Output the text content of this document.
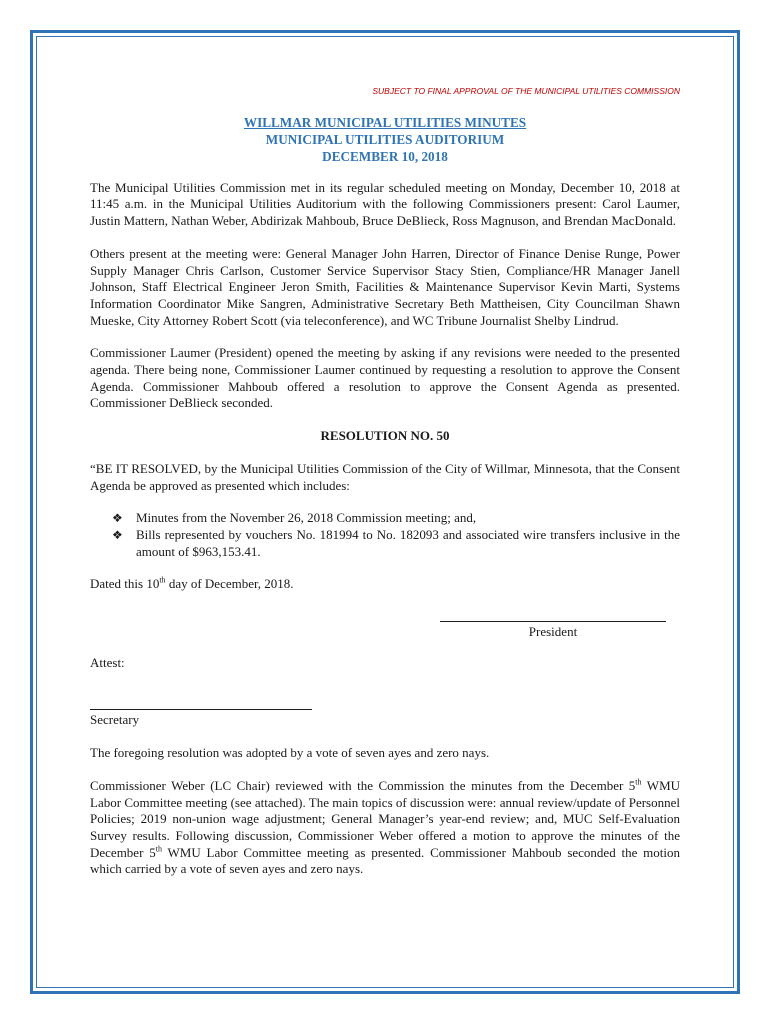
SUBJECT TO FINAL APPROVAL OF THE MUNICIPAL UTILITIES COMMISSION
WILLMAR MUNICIPAL UTILITIES MINUTES
MUNICIPAL UTILITIES AUDITORIUM
DECEMBER 10, 2018

The Municipal Utilities Commission met in its regular scheduled meeting on Monday, December 10, 2018 at 11:45 a.m. in the Municipal Utilities Auditorium with the following Commissioners present: Carol Laumer, Justin Mattern, Nathan Weber, Abdirizak Mahboub, Bruce DeBlieck, Ross Magnuson, and Brendan MacDonald.

Others present at the meeting were: General Manager John Harren, Director of Finance Denise Runge, Power Supply Manager Chris Carlson, Customer Service Supervisor Stacy Stien, Compliance/HR Manager Janell Johnson, Staff Electrical Engineer Jeron Smith, Facilities & Maintenance Supervisor Kevin Marti, Systems Information Coordinator Mike Sangren, Administrative Secretary Beth Mattheisen, City Councilman Shawn Mueske, City Attorney Robert Scott (via teleconference), and WC Tribune Journalist Shelby Lindrud.

Commissioner Laumer (President) opened the meeting by asking if any revisions were needed to the presented agenda. There being none, Commissioner Laumer continued by requesting a resolution to approve the Consent Agenda. Commissioner Mahboub offered a resolution to approve the Consent Agenda as presented. Commissioner DeBlieck seconded.

RESOLUTION NO. 50

“BE IT RESOLVED, by the Municipal Utilities Commission of the City of Willmar, Minnesota, that the Consent Agenda be approved as presented which includes:

❖ Minutes from the November 26, 2018 Commission meeting; and,
❖ Bills represented by vouchers No. 181994 to No. 182093 and associated wire transfers inclusive in the amount of $963,153.41.

Dated this 10th day of December, 2018.

President
Attest:
Secretary

The foregoing resolution was adopted by a vote of seven ayes and zero nays.

Commissioner Weber (LC Chair) reviewed with the Commission the minutes from the December 5th WMU Labor Committee meeting (see attached). The main topics of discussion were: annual review/update of Personnel Policies; 2019 non-union wage adjustment; General Manager’s year-end review; and, MUC Self-Evaluation Survey results. Following discussion, Commissioner Weber offered a motion to approve the minutes of the December 5th WMU Labor Committee meeting as presented. Commissioner Mahboub seconded the motion which carried by a vote of seven ayes and zero nays.
